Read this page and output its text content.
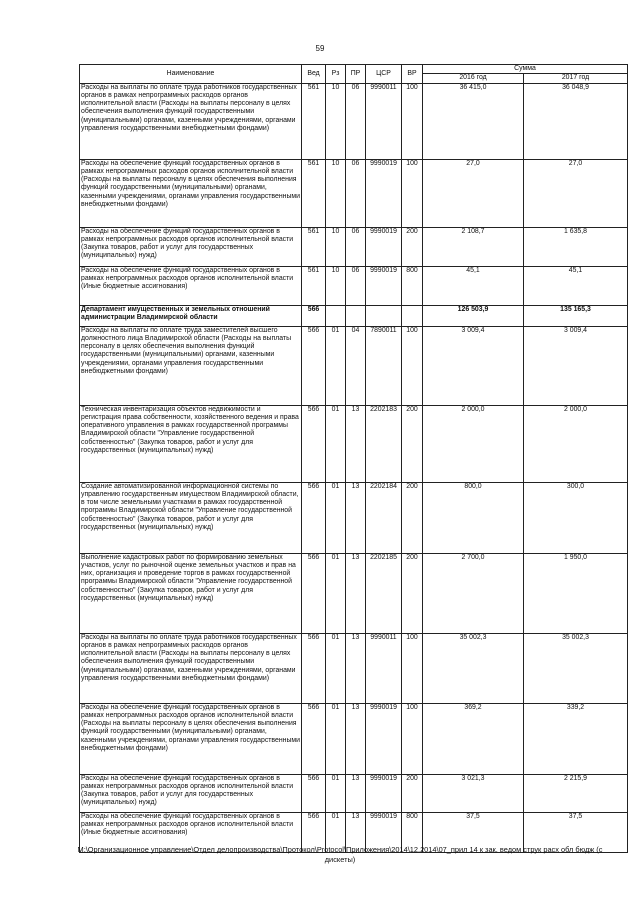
59
Наименование	Вед	Рз	ПР	ЦСР	ВР	Сумма	
						2016 год	2017 год
Расходы на выплаты по оплате труда работников государственных органов в рамках непрограммных расходов органов исполнительной власти (Расходы на выплаты персоналу в целях обеспечения выполнения функций государственными (муниципальными) органами, казенными учреждениями, органами управления государственными внебюджетными фондами)	561	10	06	9990011	100	36 415,0	36 048,9
Расходы на обеспечение функций государственных органов в рамках непрограммных расходов органов исполнительной власти (Расходы на выплаты персоналу в целях обеспечения выполнения функций государственными (муниципальными) органами, казенными учреждениями, органами управления государственными внебюджетными фондами)	561	10	06	9990019	100	27,0	27,0
Расходы на обеспечение функций государственных органов в рамках непрограммных расходов органов исполнительной власти (Закупка товаров, работ и услуг для государственных (муниципальных) нужд)	561	10	06	9990019	200	2 108,7	1 635,8
Расходы на обеспечение функций государственных органов в рамках непрограммных расходов органов исполнительной власти (Иные бюджетные ассигнования)	561	10	06	9990019	800	45,1	45,1
Департамент имущественных и земельных отношений администрации Владимирской области	566					126 503,9	135 165,3
Расходы на выплаты по оплате труда заместителей высшего должностного лица Владимирской области (Расходы на выплаты персоналу в целях обеспечения выполнения функций государственными (муниципальными) органами, казенными учреждениями, органами управления государственными внебюджетными фондами)	566	01	04	7890011	100	3 009,4	3 009,4
Техническая инвентаризация объектов недвижимости и регистрация права собственности, хозяйственного ведения и права оперативного управления в рамках государственной программы Владимирской области "Управление государственной собственностью" (Закупка товаров, работ и услуг для государственных (муниципальных) нужд)	566	01	13	2202183	200	2 000,0	2 000,0
Создание автоматизированной информационной системы по управлению государственным имуществом Владимирской области, в том числе земельными участками в рамках государственной программы Владимирской области "Управление государственной собственностью" (Закупка товаров, работ и услуг для государственных (муниципальных) нужд)	566	01	13	2202184	200	800,0	300,0
Выполнение кадастровых работ по формированию земельных участков, услуг по рыночной оценке земельных участков и прав на них, организация и проведение торгов в рамках государственной программы Владимирской области "Управление государственной собственностью" (Закупка товаров, работ и услуг для государственных (муниципальных) нужд)	566	01	13	2202185	200	2 700,0	1 950,0
Расходы на выплаты по оплате труда работников государственных органов в рамках непрограммных расходов органов исполнительной власти (Расходы на выплаты персоналу в целях обеспечения выполнения функций государственными (муниципальными) органами, казенными учреждениями, органами управления государственными внебюджетными фондами)	566	01	13	9990011	100	35 002,3	35 002,3
Расходы на обеспечение функций государственных органов в рамках непрограммных расходов органов исполнительной власти (Расходы на выплаты персоналу в целях обеспечения выполнения функций государственными (муниципальными) органами, казенными учреждениями, органами управления государственными внебюджетными фондами)	566	01	13	9990019	100	369,2	339,2
Расходы на обеспечение функций государственных органов в рамках непрограммных расходов органов исполнительной власти (Закупка товаров, работ и услуг для государственных (муниципальных) нужд)	566	01	13	9990019	200	3 021,3	2 215,9
Расходы на обеспечение функций государственных органов в рамках непрограммных расходов органов исполнительной власти (Иные бюджетные ассигнования)	566	01	13	9990019	800	37,5	37,5
M:\Организационное управление\Отдел делопроизводства\Протокол\Protocol\Приложения\2014\12.2014\07_прил 14 к зак. ведом струк расх обл бюдж (с дискеты)
